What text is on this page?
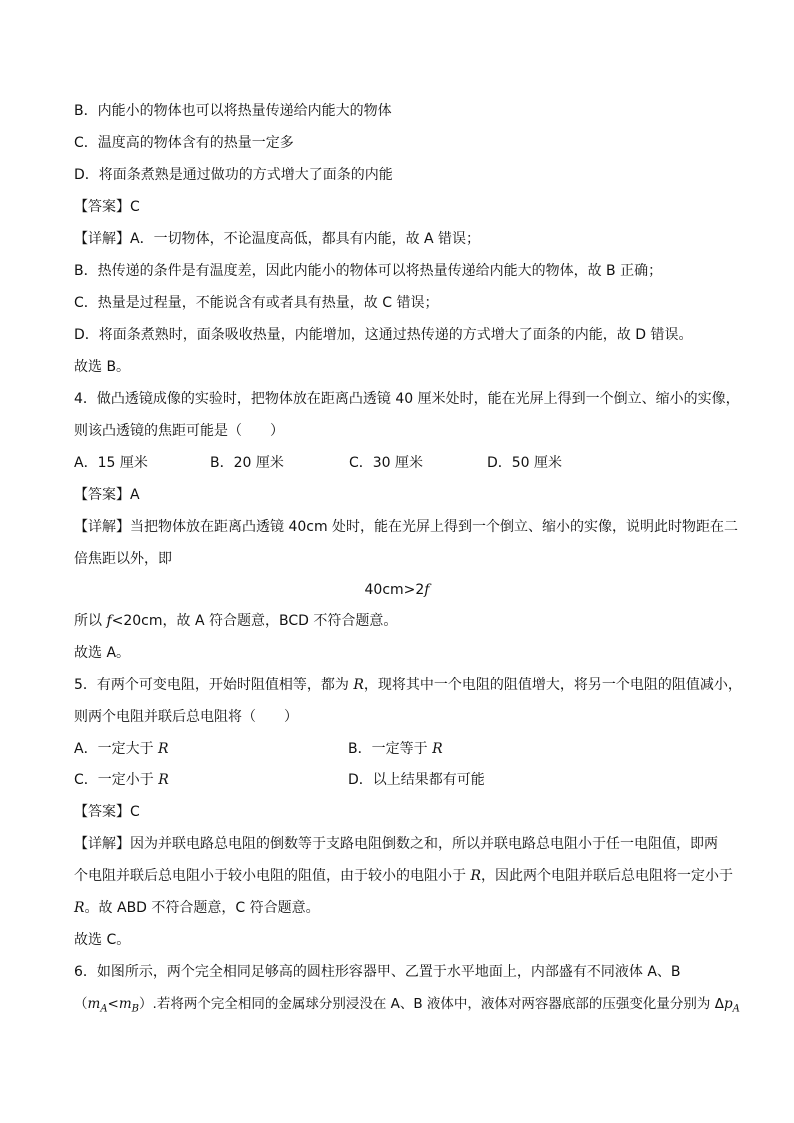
B．内能小的物体也可以将热量传递给内能大的物体
C．温度高的物体含有的热量一定多
D．将面条煮熟是通过做功的方式增大了面条的内能
【答案】C
【详解】A．一切物体，不论温度高低，都具有内能，故 A 错误；
B．热传递的条件是有温度差，因此内能小的物体可以将热量传递给内能大的物体，故 B 正确；
C．热量是过程量，不能说含有或者具有热量，故 C 错误；
D．将面条煮熟时，面条吸收热量，内能增加，这通过热传递的方式增大了面条的内能，故 D 错误。
故选 B。
4．做凸透镜成像的实验时，把物体放在距离凸透镜 40 厘米处时，能在光屏上得到一个倒立、缩小的实像，
则该凸透镜的焦距可能是（　　）
A．15 厘米	B．20 厘米	C．30 厘米	D．50 厘米
【答案】A
【详解】当把物体放在距离凸透镜 40cm 处时，能在光屏上得到一个倒立、缩小的实像，说明此时物距在二
倍焦距以外，即
40cm>2f
所以 f<20cm，故 A 符合题意，BCD 不符合题意。
故选 A。
5．有两个可变电阻，开始时阻值相等，都为 R，现将其中一个电阻的阻值增大，将另一个电阻的阻值减小，
则两个电阻并联后总电阻将（　　）
A．一定大于 R	B．一定等于 R
C．一定小于 R	D．以上结果都有可能
【答案】C
【详解】因为并联电路总电阻的倒数等于支路电阻倒数之和，所以并联电路总电阻小于任一电阻值，即两
个电阻并联后总电阻小于较小电阻的阻值，由于较小的电阻小于 R，因此两个电阻并联后总电阻将一定小于
R。故 ABD 不符合题意，C 符合题意。
故选 C。
6．如图所示，两个完全相同足够高的圆柱形容器甲、乙置于水平地面上，内部盛有不同液体 A、B
$(m_A<m_B)$.若将两个完全相同的金属球分别浸没在 A、B 液体中，液体对两容器底部的压强变化量分别为 $\Delta p_A$
